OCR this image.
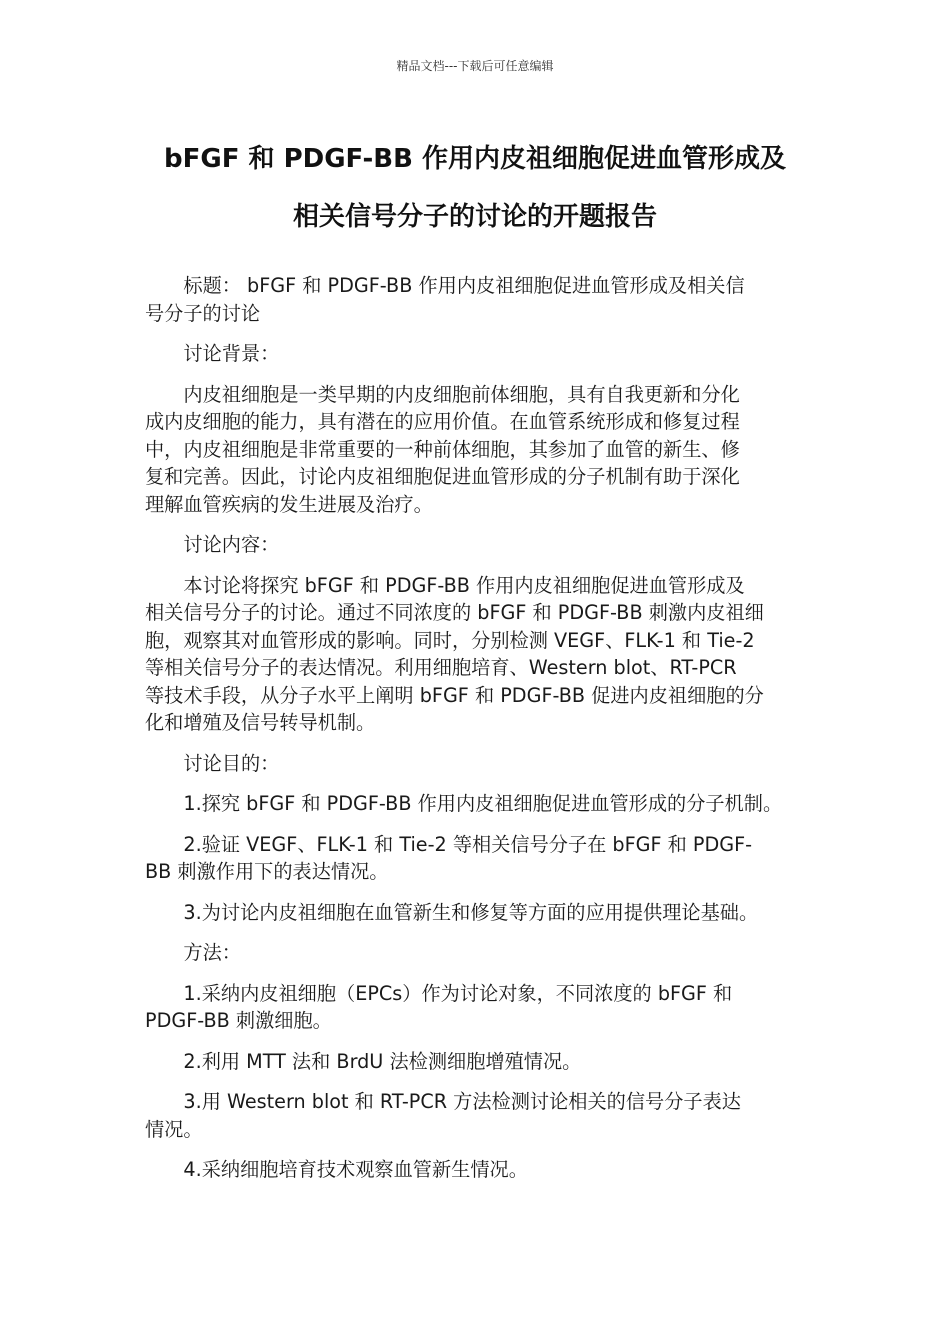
精品文档---下载后可任意编辑
bFGF 和 PDGF-BB 作用内皮祖细胞促进血管形成及
相关信号分子的讨论的开题报告

标题： bFGF 和 PDGF-BB 作用内皮祖细胞促进血管形成及相关信
号分子的讨论

讨论背景：

内皮祖细胞是一类早期的内皮细胞前体细胞，具有自我更新和分化
成内皮细胞的能力，具有潜在的应用价值。在血管系统形成和修复过程
中，内皮祖细胞是非常重要的一种前体细胞，其参加了血管的新生、修
复和完善。因此，讨论内皮祖细胞促进血管形成的分子机制有助于深化
理解血管疾病的发生进展及治疗。

讨论内容：

本讨论将探究 bFGF 和 PDGF-BB 作用内皮祖细胞促进血管形成及
相关信号分子的讨论。通过不同浓度的 bFGF 和 PDGF-BB 刺激内皮祖细
胞，观察其对血管形成的影响。同时，分别检测 VEGF、FLK-1 和 Tie-2
等相关信号分子的表达情况。利用细胞培育、Western blot、RT-PCR
等技术手段，从分子水平上阐明 bFGF 和 PDGF-BB 促进内皮祖细胞的分
化和增殖及信号转导机制。

讨论目的：

1.探究 bFGF 和 PDGF-BB 作用内皮祖细胞促进血管形成的分子机制。

2.验证 VEGF、FLK-1 和 Tie-2 等相关信号分子在 bFGF 和 PDGF-
BB 刺激作用下的表达情况。

3.为讨论内皮祖细胞在血管新生和修复等方面的应用提供理论基础。

方法：

1.采纳内皮祖细胞（EPCs）作为讨论对象，不同浓度的 bFGF 和
PDGF-BB 刺激细胞。

2.利用 MTT 法和 BrdU 法检测细胞增殖情况。

3.用 Western blot 和 RT-PCR 方法检测讨论相关的信号分子表达
情况。

4.采纳细胞培育技术观察血管新生情况。
